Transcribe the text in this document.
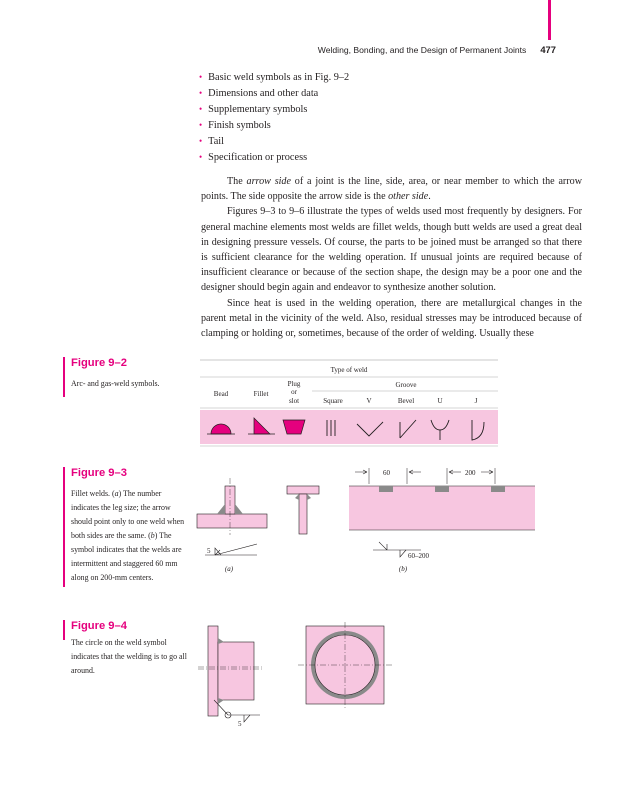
Welding, Bonding, and the Design of Permanent Joints 477
• Basic weld symbols as in Fig. 9–2
• Dimensions and other data
• Supplementary symbols
• Finish symbols
• Tail
• Specification or process

The arrow side of a joint is the line, side, area, or near member to which the arrow points. The side opposite the arrow side is the other side.

Figures 9–3 to 9–6 illustrate the types of welds used most frequently by designers. For general machine elements most welds are fillet welds, though butt welds are used a great deal in designing pressure vessels. Of course, the parts to be joined must be arranged so that there is sufficient clearance for the welding operation. If unusual joints are required because of insufficient clearance or because of the section shape, the design may be a poor one and the designer should begin again and endeavor to synthesize another solution.

Since heat is used in the welding operation, there are metallurgical changes in the parent metal in the vicinity of the weld. Also, residual stresses may be introduced because of clamping or holding or, sometimes, because of the order of welding. Usually these

Figure 9–2
Arc- and gas-weld symbols.
Type of weld
Bead	Fillet
Plug
or
slot
Groove
Square	V	Bevel	U	J
Figure 9–3
Fillet welds. (a) The number indicates the leg size; the arrow should point only to one weld when both sides are the same. (b) The symbol indicates that the welds are intermittent and staggered 60 mm along on 200-mm centers.
5
(a)
60	200
60–200
(b)
Figure 9–4
The circle on the weld symbol indicates that the welding is to go all around.
5
